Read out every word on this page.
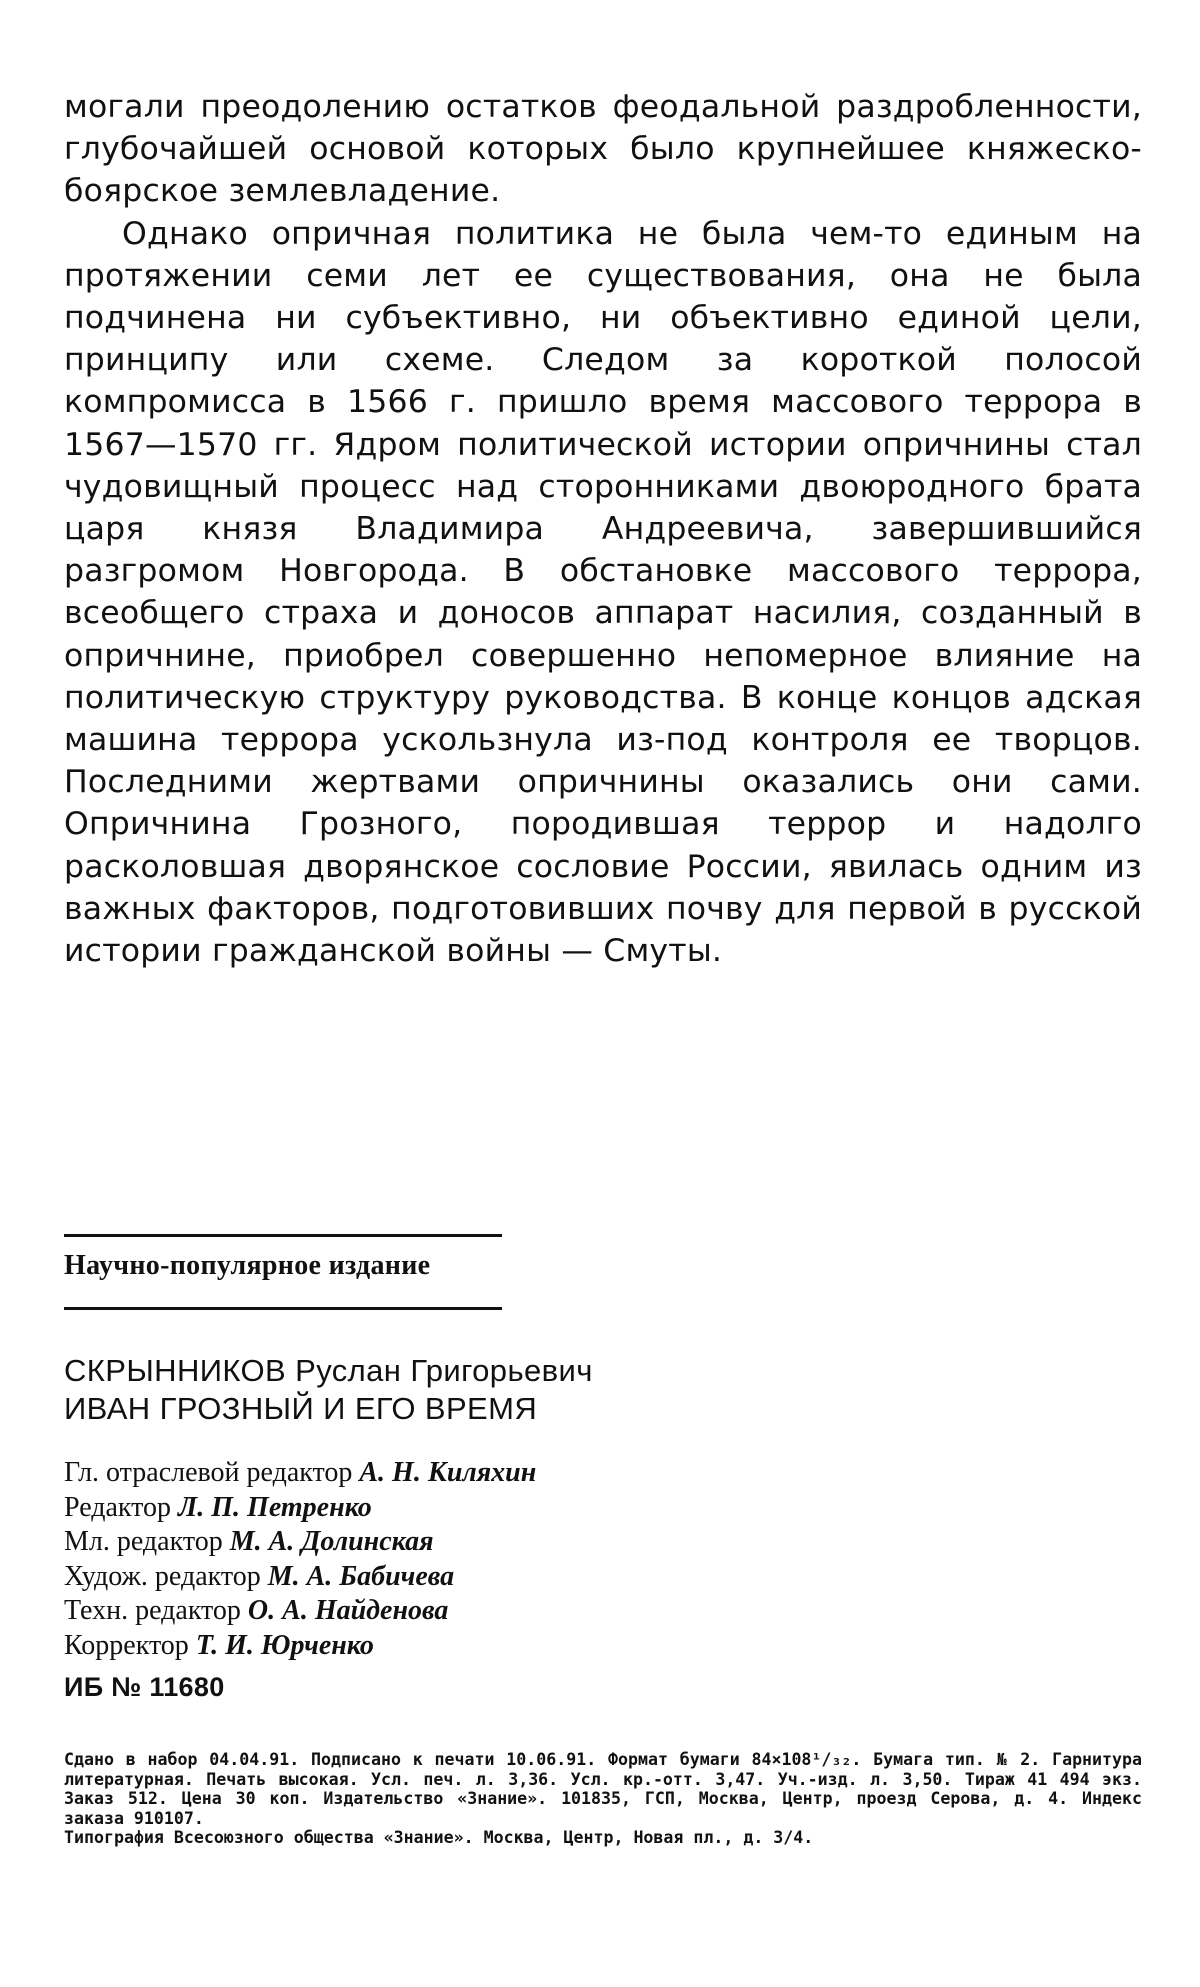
могали преодолению остатков феодальной раздробленности, глубочайшей основой которых было крупнейшее княжеско-боярское землевладение.

Однако опричная политика не была чем-то единым на протяжении семи лет ее существования, она не была подчинена ни субъективно, ни объективно единой цели, принципу или схеме. Следом за короткой полосой компромисса в 1566 г. пришло время массового террора в 1567—1570 гг. Ядром политической истории опричнины стал чудовищный процесс над сторонниками двоюродного брата царя князя Владимира Андреевича, завершившийся разгромом Новгорода. В обстановке массового террора, всеобщего страха и доносов аппарат насилия, созданный в опричнине, приобрел совершенно непомерное влияние на политическую структуру руководства. В конце концов адская машина террора ускользнула из-под контроля ее творцов. Последними жертвами опричнины оказались они сами. Опричнина Грозного, породившая террор и надолго расколовшая дворянское сословие России, явилась одним из важных факторов, подготовивших почву для первой в русской истории гражданской войны — Смуты.

Научно-популярное издание
СКРЫННИКОВ Руслан Григорьевич
ИВАН ГРОЗНЫЙ И ЕГО ВРЕМЯ
Гл. отраслевой редактор А. Н. Киляхин
Редактор Л. П. Петренко
Мл. редактор М. А. Долинская
Худож. редактор М. А. Бабичева
Техн. редактор О. А. Найденова
Корректор Т. И. Юрченко
ИБ № 11680
Сдано в набор 04.04.91. Подписано к печати 10.06.91. Формат бумаги 84×108¹/₃₂. Бумага тип. № 2. Гарнитура литературная. Печать высокая. Усл. печ. л. 3,36. Усл. кр.-отт. 3,47. Уч.-изд. л. 3,50. Тираж 41 494 экз. Заказ 512. Цена 30 коп. Издательство «Знание». 101835, ГСП, Москва, Центр, проезд Серова, д. 4. Индекс заказа 910107.
Типография Всесоюзного общества «Знание». Москва, Центр, Новая пл., д. 3/4.
